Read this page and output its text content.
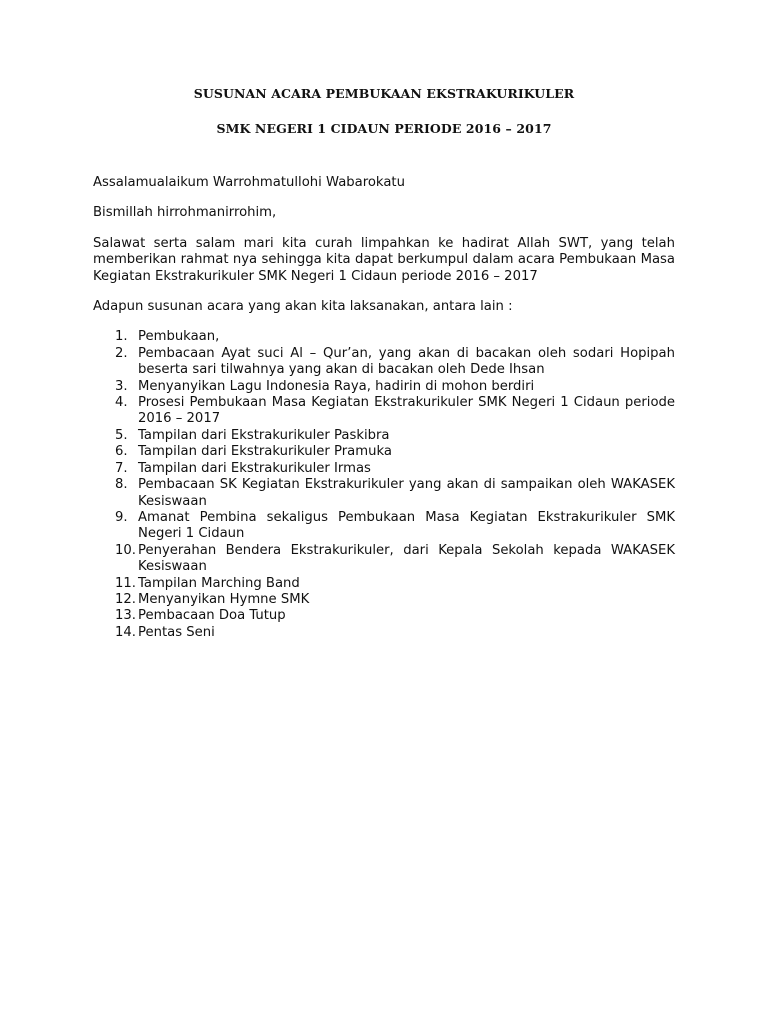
SUSUNAN ACARA PEMBUKAAN EKSTRAKURIKULER

SMK NEGERI 1 CIDAUN PERIODE 2016 – 2017

Assalamualaikum Warrohmatullohi Wabarokatu

Bismillah hirrohmanirrohim,

Salawat serta salam mari kita curah limpahkan ke hadirat Allah SWT, yang telah memberikan rahmat nya sehingga kita dapat berkumpul dalam acara Pembukaan Masa Kegiatan Ekstrakurikuler SMK Negeri 1 Cidaun periode 2016 – 2017

Adapun susunan acara yang akan kita laksanakan, antara lain :

1. Pembukaan,
2. Pembacaan Ayat suci Al – Qur’an, yang akan di bacakan oleh sodari Hopipah beserta sari tilwahnya yang akan di bacakan oleh Dede Ihsan
3. Menyanyikan Lagu Indonesia Raya, hadirin di mohon berdiri
4. Prosesi Pembukaan Masa Kegiatan Ekstrakurikuler SMK Negeri 1 Cidaun periode 2016 – 2017
5. Tampilan dari Ekstrakurikuler Paskibra
6. Tampilan dari Ekstrakurikuler Pramuka
7. Tampilan dari Ekstrakurikuler Irmas
8. Pembacaan SK Kegiatan Ekstrakurikuler yang akan di sampaikan oleh WAKASEK Kesiswaan
9. Amanat Pembina sekaligus Pembukaan Masa Kegiatan Ekstrakurikuler SMK Negeri 1 Cidaun
10. Penyerahan Bendera Ekstrakurikuler, dari Kepala Sekolah kepada WAKASEK Kesiswaan
11. Tampilan Marching Band
12. Menyanyikan Hymne SMK
13. Pembacaan Doa Tutup
14. Pentas Seni
